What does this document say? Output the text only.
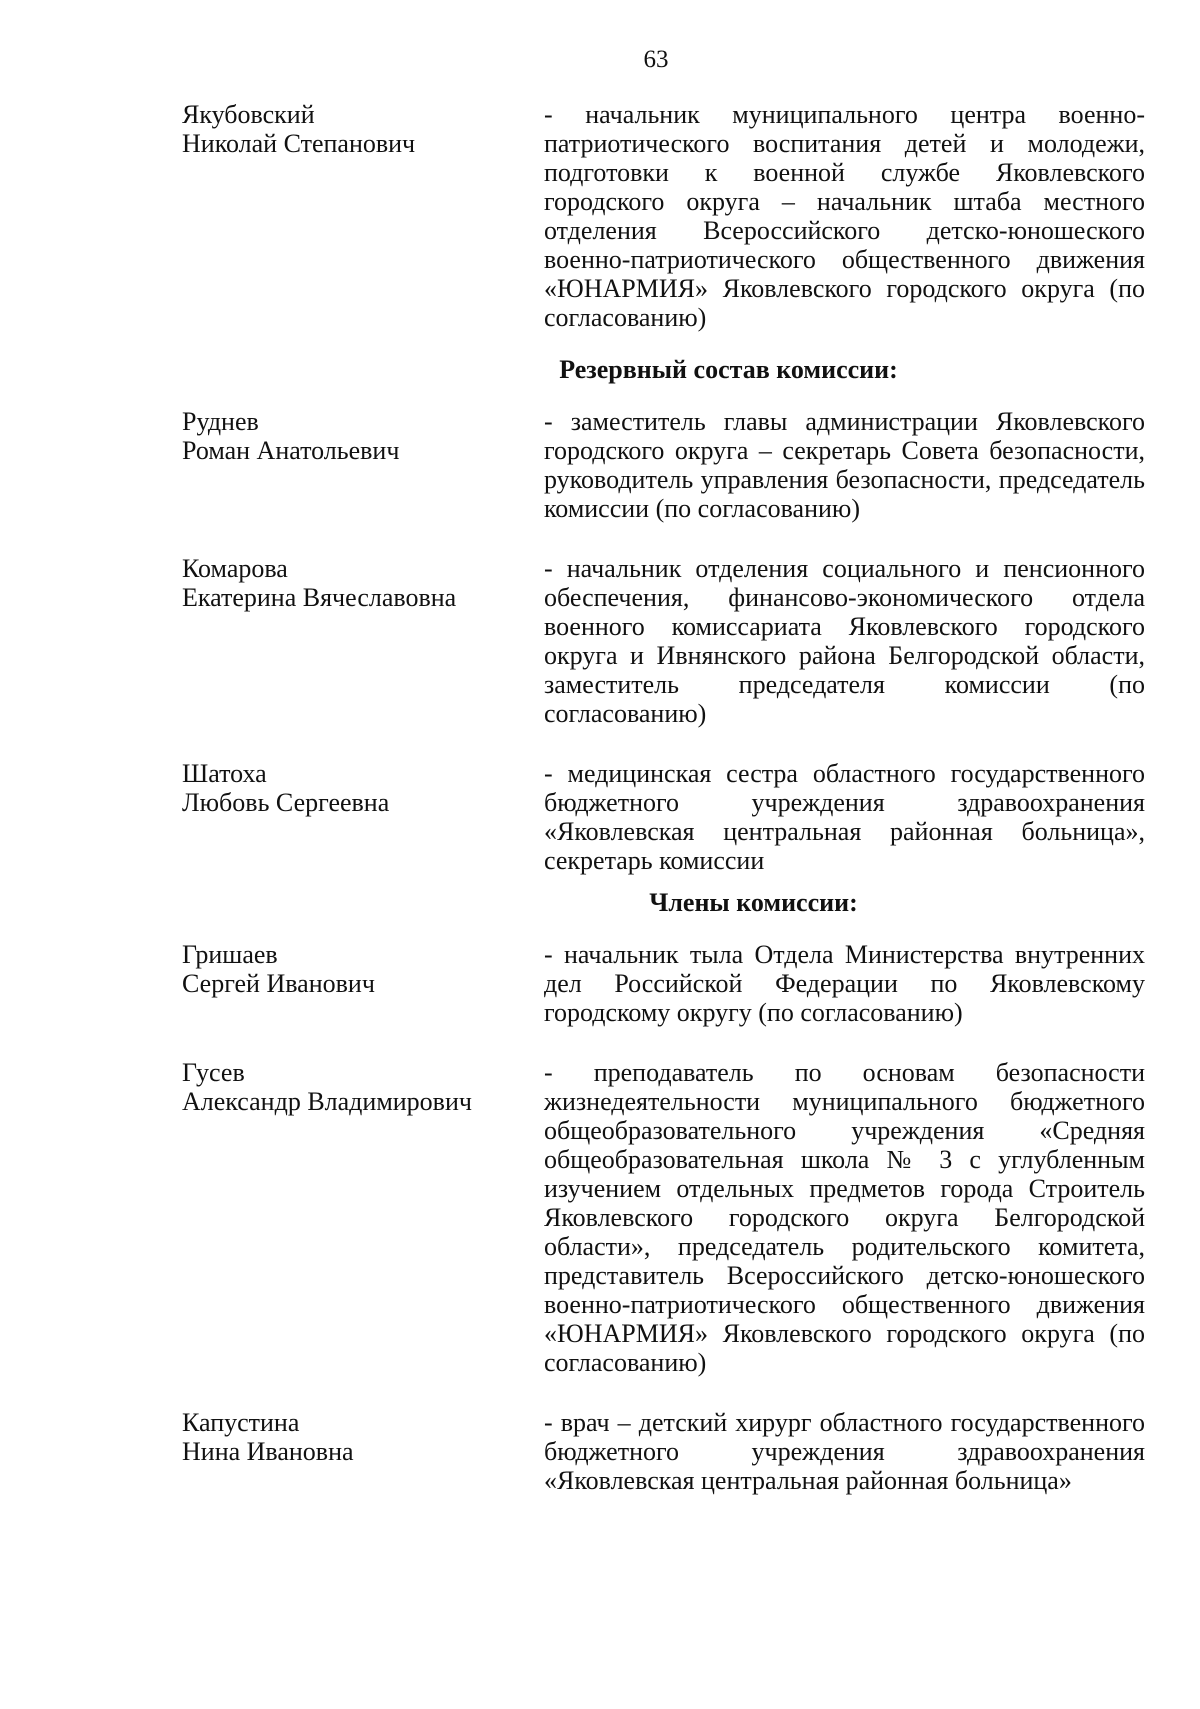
63
Якубовский
Николай Степанович
- начальник муниципального центра военно-патриотического воспитания детей и молодежи, подготовки к военной службе Яковлевского городского округа – начальник штаба местного отделения Всероссийского детско-юношеского военно-патриотического общественного движения «ЮНАРМИЯ» Яковлевского городского округа (по согласованию)
Резервный состав комиссии:
Руднев
Роман Анатольевич
- заместитель главы администрации Яковлевского городского округа – секретарь Совета безопасности, руководитель управления безопасности, председатель комиссии (по согласованию)
Комарова
Екатерина Вячеславовна
- начальник отделения социального и пенсионного обеспечения, финансово-экономического отдела военного комиссариата Яковлевского городского округа и Ивнянского района Белгородской области, заместитель председателя комиссии (по согласованию)
Шатоха
Любовь Сергеевна
- медицинская сестра областного государственного бюджетного учреждения здравоохранения «Яковлевская центральная районная больница», секретарь комиссии
Члены комиссии:
Гришаев
Сергей Иванович
- начальник тыла Отдела Министерства внутренних дел Российской Федерации по Яковлевскому городскому округу (по согласованию)
Гусев
Александр Владимирович
- преподаватель по основам безопасности жизнедеятельности муниципального бюджетного общеобразовательного учреждения «Средняя общеобразовательная школа № 3 с углубленным изучением отдельных предметов города Строитель Яковлевского городского округа Белгородской области», председатель родительского комитета, представитель Всероссийского детско-юношеского военно-патриотического общественного движения «ЮНАРМИЯ» Яковлевского городского округа (по согласованию)
Капустина
Нина Ивановна
- врач – детский хирург областного государственного бюджетного учреждения здравоохранения «Яковлевская центральная районная больница»
